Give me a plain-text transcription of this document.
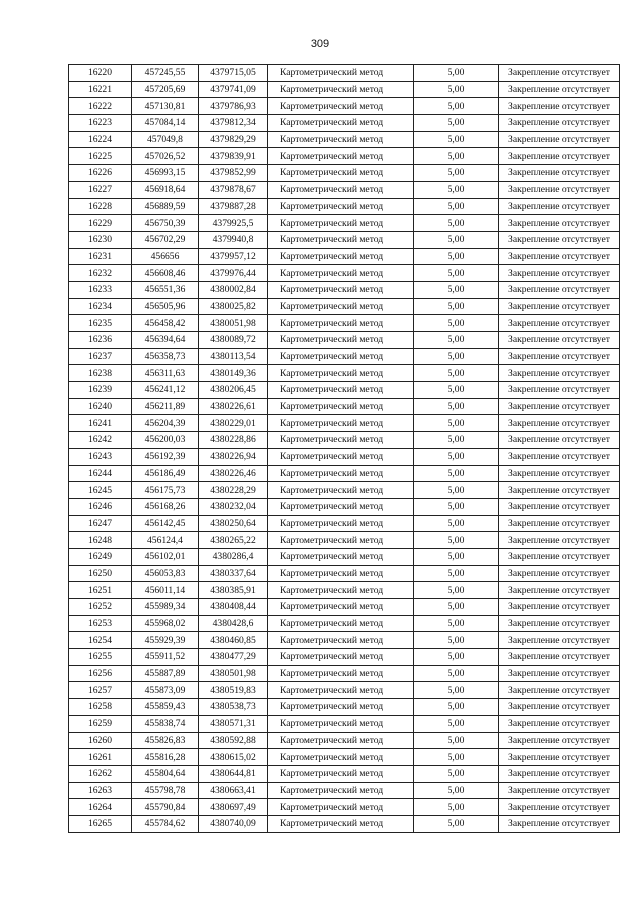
309
16220	457245,55	4379715,05	Картометрический метод	5,00	Закрепление отсутствует
16221	457205,69	4379741,09	Картометрический метод	5,00	Закрепление отсутствует
16222	457130,81	4379786,93	Картометрический метод	5,00	Закрепление отсутствует
16223	457084,14	4379812,34	Картометрический метод	5,00	Закрепление отсутствует
16224	457049,8	4379829,29	Картометрический метод	5,00	Закрепление отсутствует
16225	457026,52	4379839,91	Картометрический метод	5,00	Закрепление отсутствует
16226	456993,15	4379852,99	Картометрический метод	5,00	Закрепление отсутствует
16227	456918,64	4379878,67	Картометрический метод	5,00	Закрепление отсутствует
16228	456889,59	4379887,28	Картометрический метод	5,00	Закрепление отсутствует
16229	456750,39	4379925,5	Картометрический метод	5,00	Закрепление отсутствует
16230	456702,29	4379940,8	Картометрический метод	5,00	Закрепление отсутствует
16231	456656	4379957,12	Картометрический метод	5,00	Закрепление отсутствует
16232	456608,46	4379976,44	Картометрический метод	5,00	Закрепление отсутствует
16233	456551,36	4380002,84	Картометрический метод	5,00	Закрепление отсутствует
16234	456505,96	4380025,82	Картометрический метод	5,00	Закрепление отсутствует
16235	456458,42	4380051,98	Картометрический метод	5,00	Закрепление отсутствует
16236	456394,64	4380089,72	Картометрический метод	5,00	Закрепление отсутствует
16237	456358,73	4380113,54	Картометрический метод	5,00	Закрепление отсутствует
16238	456311,63	4380149,36	Картометрический метод	5,00	Закрепление отсутствует
16239	456241,12	4380206,45	Картометрический метод	5,00	Закрепление отсутствует
16240	456211,89	4380226,61	Картометрический метод	5,00	Закрепление отсутствует
16241	456204,39	4380229,01	Картометрический метод	5,00	Закрепление отсутствует
16242	456200,03	4380228,86	Картометрический метод	5,00	Закрепление отсутствует
16243	456192,39	4380226,94	Картометрический метод	5,00	Закрепление отсутствует
16244	456186,49	4380226,46	Картометрический метод	5,00	Закрепление отсутствует
16245	456175,73	4380228,29	Картометрический метод	5,00	Закрепление отсутствует
16246	456168,26	4380232,04	Картометрический метод	5,00	Закрепление отсутствует
16247	456142,45	4380250,64	Картометрический метод	5,00	Закрепление отсутствует
16248	456124,4	4380265,22	Картометрический метод	5,00	Закрепление отсутствует
16249	456102,01	4380286,4	Картометрический метод	5,00	Закрепление отсутствует
16250	456053,83	4380337,64	Картометрический метод	5,00	Закрепление отсутствует
16251	456011,14	4380385,91	Картометрический метод	5,00	Закрепление отсутствует
16252	455989,34	4380408,44	Картометрический метод	5,00	Закрепление отсутствует
16253	455968,02	4380428,6	Картометрический метод	5,00	Закрепление отсутствует
16254	455929,39	4380460,85	Картометрический метод	5,00	Закрепление отсутствует
16255	455911,52	4380477,29	Картометрический метод	5,00	Закрепление отсутствует
16256	455887,89	4380501,98	Картометрический метод	5,00	Закрепление отсутствует
16257	455873,09	4380519,83	Картометрический метод	5,00	Закрепление отсутствует
16258	455859,43	4380538,73	Картометрический метод	5,00	Закрепление отсутствует
16259	455838,74	4380571,31	Картометрический метод	5,00	Закрепление отсутствует
16260	455826,83	4380592,88	Картометрический метод	5,00	Закрепление отсутствует
16261	455816,28	4380615,02	Картометрический метод	5,00	Закрепление отсутствует
16262	455804,64	4380644,81	Картометрический метод	5,00	Закрепление отсутствует
16263	455798,78	4380663,41	Картометрический метод	5,00	Закрепление отсутствует
16264	455790,84	4380697,49	Картометрический метод	5,00	Закрепление отсутствует
16265	455784,62	4380740,09	Картометрический метод	5,00	Закрепление отсутствует
